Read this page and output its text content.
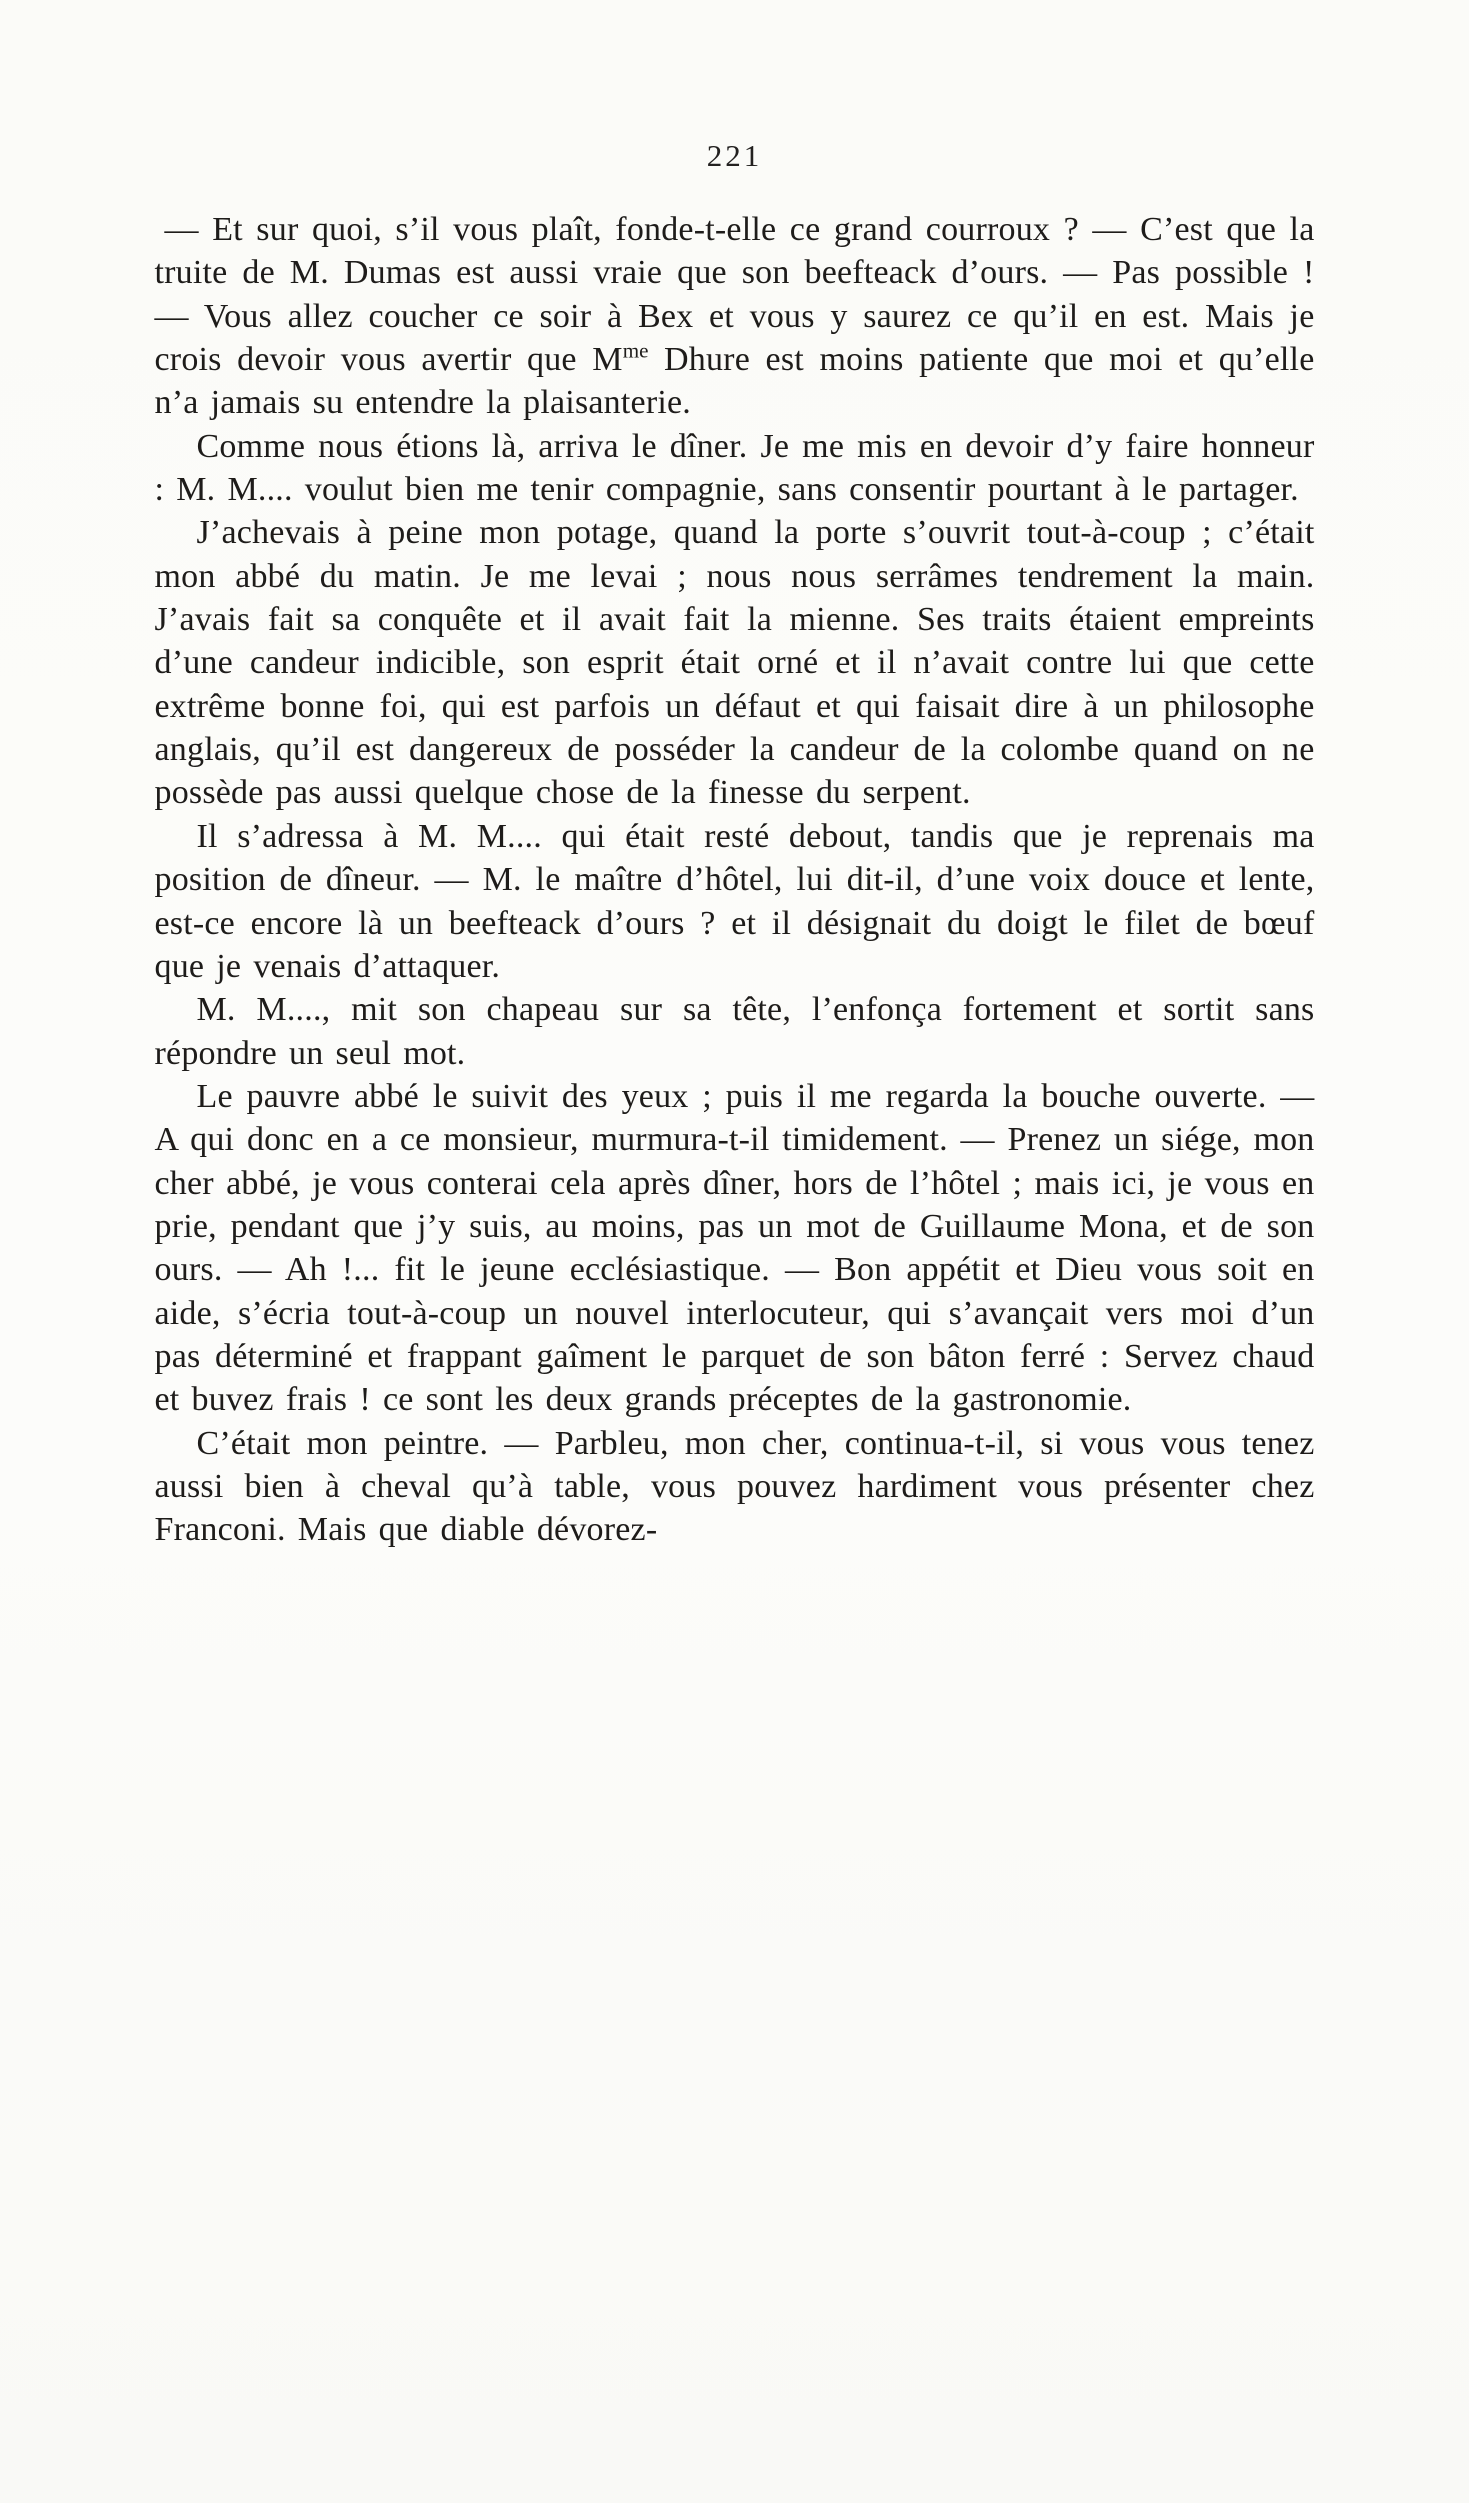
221

— Et sur quoi, s’il vous plaît, fonde-t-elle ce grand courroux ? — C’est que la truite de M. Dumas est aussi vraie que son beefteack d’ours. — Pas possible ! — Vous allez coucher ce soir à Bex et vous y saurez ce qu’il en est. Mais je crois devoir vous avertir que $M^{me}$ Dhure est moins patiente que moi et qu’elle n’a jamais su entendre la plaisanterie.

Comme nous étions là, arriva le dîner. Je me mis en devoir d’y faire honneur : M. M.... voulut bien me tenir compagnie, sans consentir pourtant à le partager.

J’achevais à peine mon potage, quand la porte s’ouvrit tout-à-coup ; c’était mon abbé du matin. Je me levai ; nous nous serrâmes tendrement la main. J’avais fait sa conquête et il avait fait la mienne. Ses traits étaient empreints d’une candeur indicible, son esprit était orné et il n’avait contre lui que cette extrême bonne foi, qui est parfois un défaut et qui faisait dire à un philosophe anglais, qu’il est dangereux de posséder la candeur de la colombe quand on ne possède pas aussi quelque chose de la finesse du serpent.

Il s’adressa à M. M.... qui était resté debout, tandis que je reprenais ma position de dîneur. — M. le maître d’hôtel, lui dit-il, d’une voix douce et lente, est-ce encore là un beefteack d’ours ? et il désignait du doigt le filet de bœuf que je venais d’attaquer.

M. M...., mit son chapeau sur sa tête, l’enfonça fortement et sortit sans répondre un seul mot.

Le pauvre abbé le suivit des yeux ; puis il me regarda la bouche ouverte. — A qui donc en a ce monsieur, murmura-t-il timidement. — Prenez un siége, mon cher abbé, je vous conterai cela après dîner, hors de l’hôtel ; mais ici, je vous en prie, pendant que j’y suis, au moins, pas un mot de Guillaume Mona, et de son ours. — Ah !... fit le jeune ecclésiastique. — Bon appétit et Dieu vous soit en aide, s’écria tout-à-coup un nouvel interlocuteur, qui s’avançait vers moi d’un pas déterminé et frappant gaîment le parquet de son bâton ferré : Servez chaud et buvez frais ! ce sont les deux grands préceptes de la gastronomie.

C’était mon peintre. — Parbleu, mon cher, continua-t-il, si vous vous tenez aussi bien à cheval qu’à table, vous pouvez hardiment vous présenter chez Franconi. Mais que diable dévorez-
